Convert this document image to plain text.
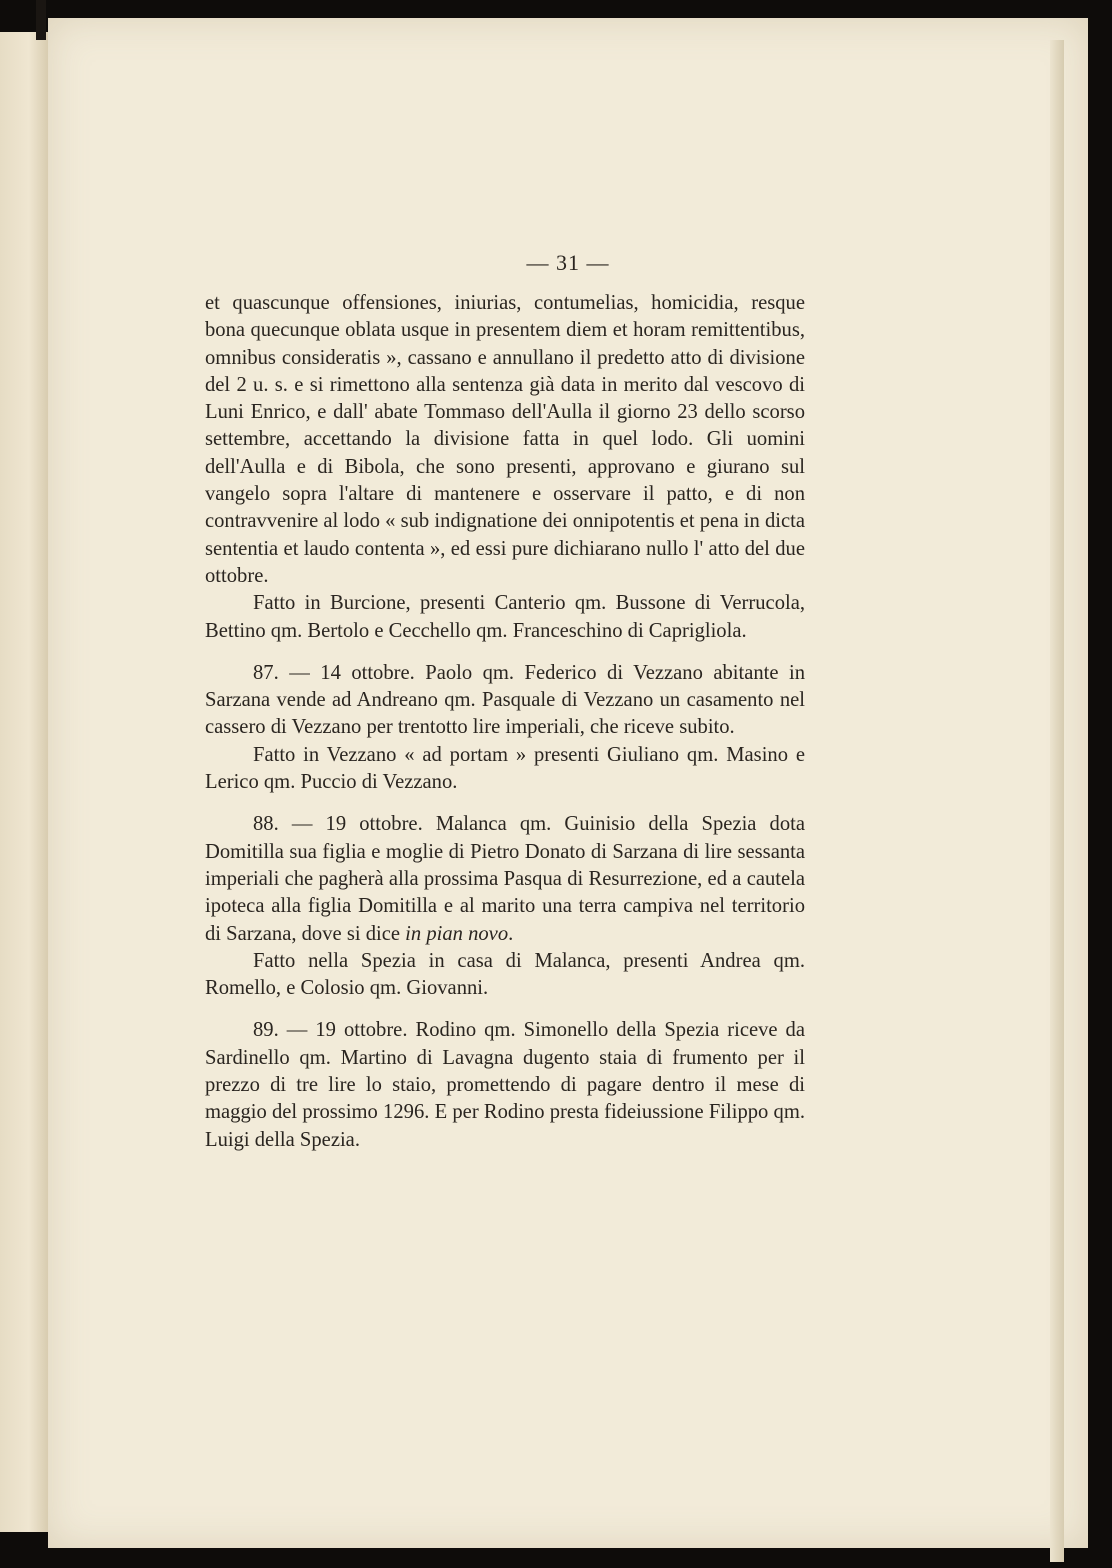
— 31 —

et quascunque offensiones, iniurias, contumelias, homicidia, resque bona quecunque oblata usque in presentem diem et horam remittentibus, omnibus consideratis », cassano e annullano il predetto atto di divisione del 2 u. s. e si rimettono alla sentenza già data in merito dal vescovo di Luni Enrico, e dall' abate Tommaso dell'Aulla il giorno 23 dello scorso settembre, accettando la divisione fatta in quel lodo. Gli uomini dell'Aulla e di Bibola, che sono presenti, approvano e giurano sul vangelo sopra l'altare di mantenere e osservare il patto, e di non contravvenire al lodo « sub indignatione dei onnipotentis et pena in dicta sententia et laudo contenta », ed essi pure dichiarano nullo l' atto del due ottobre.

Fatto in Burcione, presenti Canterio qm. Bussone di Verrucola, Bettino qm. Bertolo e Cecchello qm. Franceschino di Caprigliola.

87. — 14 ottobre. Paolo qm. Federico di Vezzano abitante in Sarzana vende ad Andreano qm. Pasquale di Vezzano un casamento nel cassero di Vezzano per trentotto lire imperiali, che riceve subito.

Fatto in Vezzano « ad portam » presenti Giuliano qm. Masino e Lerico qm. Puccio di Vezzano.

88. — 19 ottobre. Malanca qm. Guinisio della Spezia dota Domitilla sua figlia e moglie di Pietro Donato di Sarzana di lire sessanta imperiali che pagherà alla prossima Pasqua di Resurrezione, ed a cautela ipoteca alla figlia Domitilla e al marito una terra campiva nel territorio di Sarzana, dove si dice in pian novo.

Fatto nella Spezia in casa di Malanca, presenti Andrea qm. Romello, e Colosio qm. Giovanni.

89. — 19 ottobre. Rodino qm. Simonello della Spezia riceve da Sardinello qm. Martino di Lavagna dugento staia di frumento per il prezzo di tre lire lo staio, promettendo di pagare dentro il mese di maggio del prossimo 1296. E per Rodino presta fideiussione Filippo qm. Luigi della Spezia.
